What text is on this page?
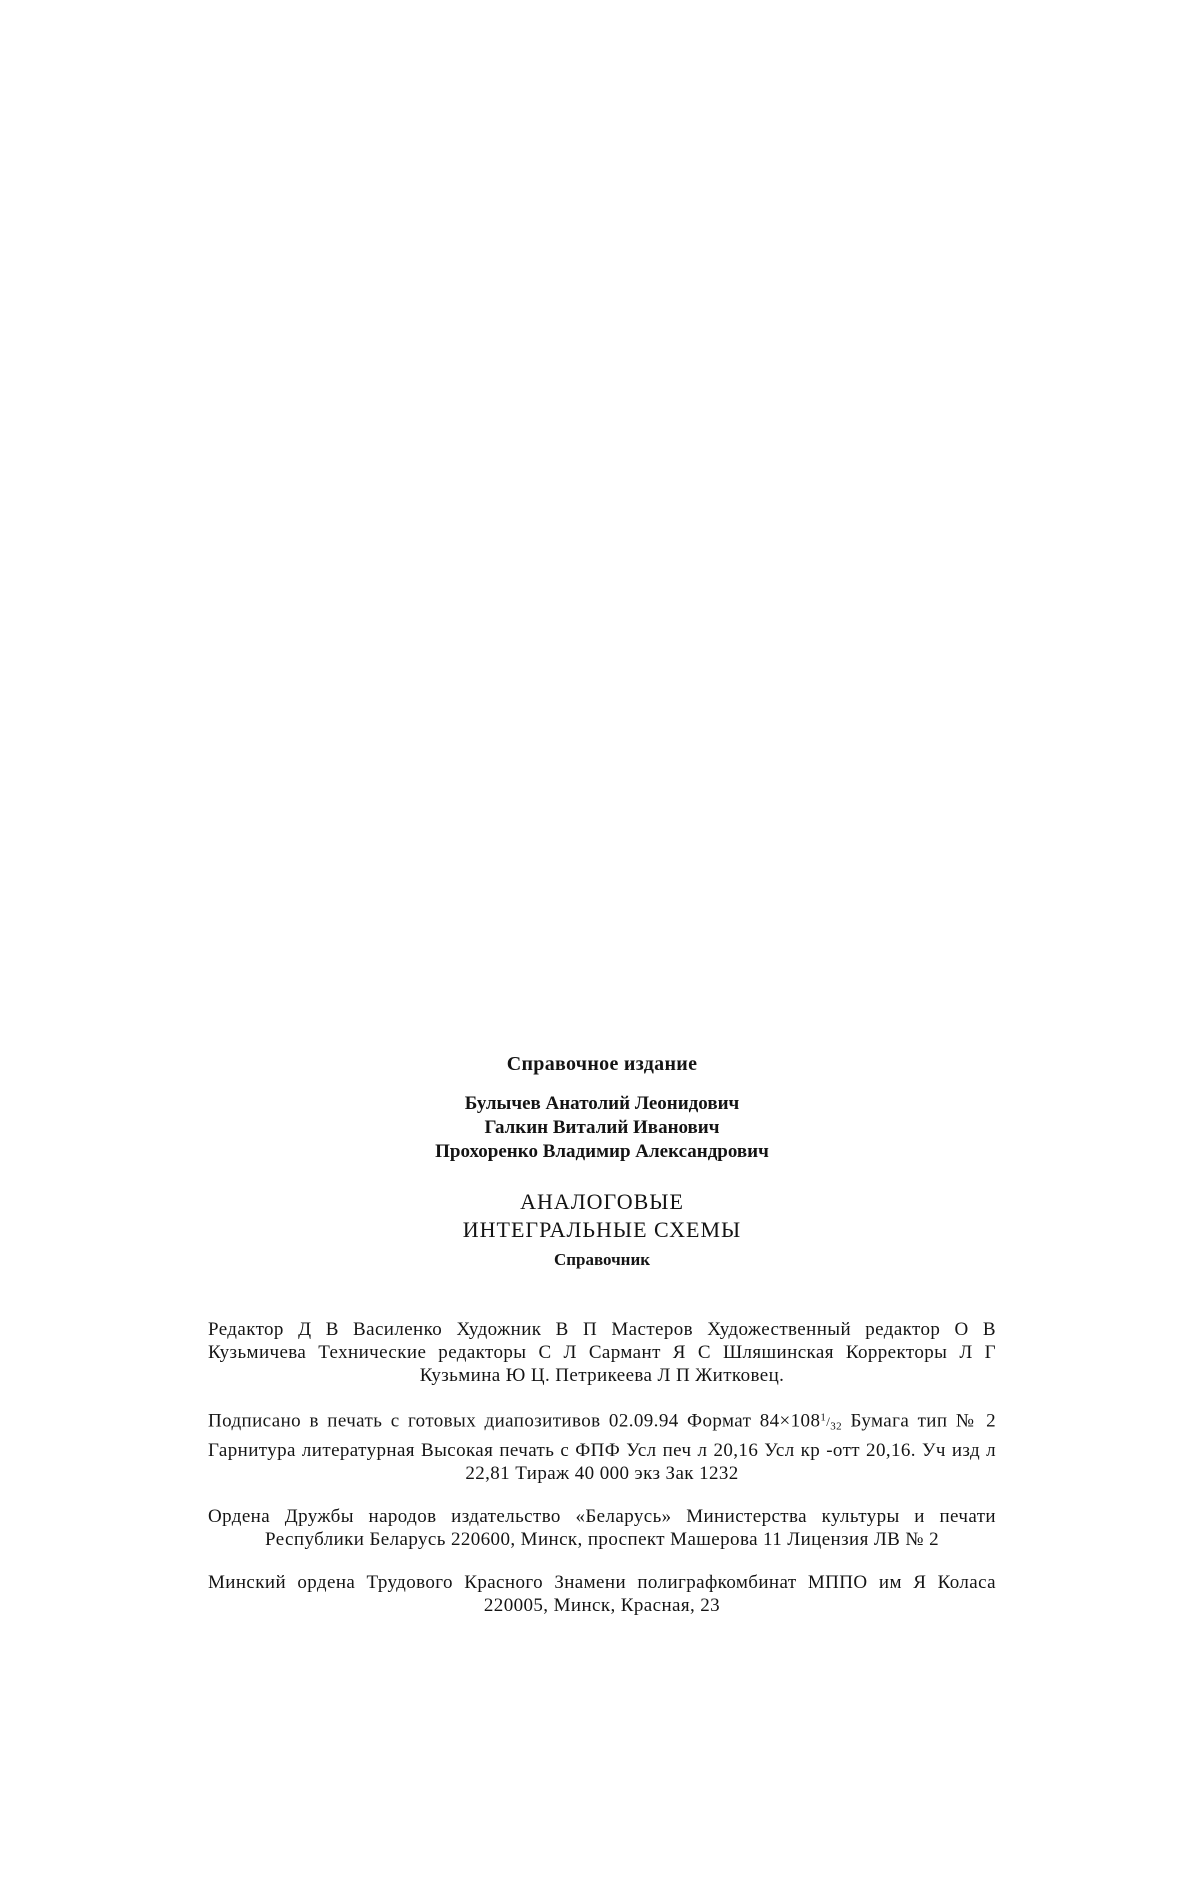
Справочное издание
Булычев Анатолий Леонидович
Галкин Виталий Иванович
Прохоренко Владимир Александрович
АНАЛОГОВЫЕ
ИНТЕГРАЛЬНЫЕ СХЕМЫ
Справочник

Редактор Д В Василенко Художник В П Мастеров Художественный редактор О В Кузьмичева Технические редакторы С Л Сармант Я С Шляшинская Корректоры Л Г Кузьмина Ю Ц. Петрикеева Л П Житковец.

Подписано в печать с готовых диапозитивов 02.09.94 Формат $84\times 108^1/_{32}$ Бумага тип № 2 Гарнитура литературная Высокая печать с ФПФ Усл печ л 20,16 Усл кр -отт 20,16. Уч изд л 22,81 Тираж 40 000 экз Зак 1232

Ордена Дружбы народов издательство «Беларусь» Министерства культуры и печати Республики Беларусь 220600, Минск, проспект Машерова 11 Лицензия ЛВ № 2

Минский ордена Трудового Красного Знамени полиграфкомбинат МППО им Я Коласа 220005, Минск, Красная, 23
